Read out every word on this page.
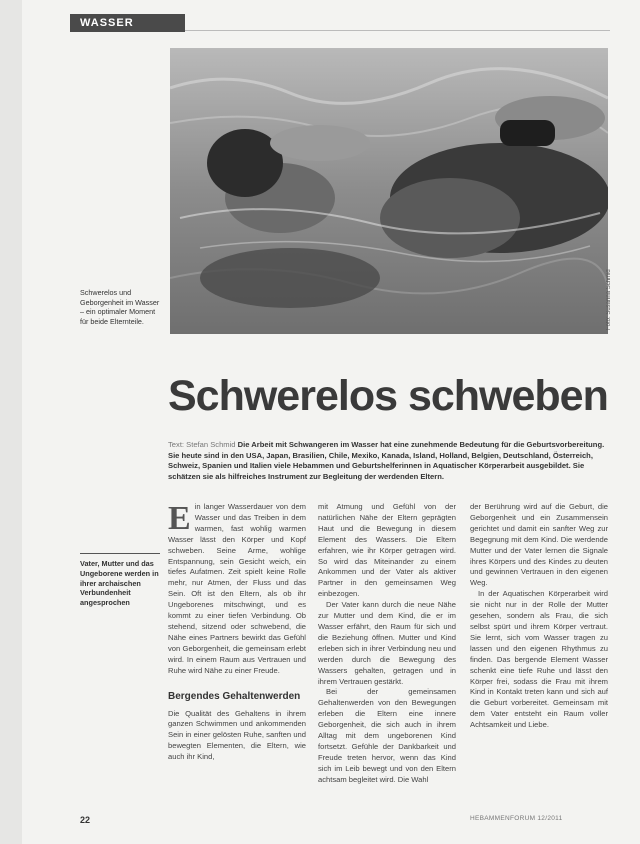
WASSER
Foto: Susanna Schmid
Schwerelos und Geborgenheit im Wasser – ein optimaler Moment für beide Elternteile.
Schwerelos schweben
Text: Stefan Schmid Die Arbeit mit Schwangeren im Wasser hat eine zunehmende Bedeutung für die Geburtsvorbereitung. Sie heute sind in den USA, Japan, Brasilien, Chile, Mexiko, Kanada, Island, Holland, Belgien, Deutschland, Österreich, Schweiz, Spanien und Italien viele Hebammen und Geburtshelferinnen in Aquatischer Körperarbeit ausgebildet. Sie schätzen sie als hilfreiches Instrument zur Begleitung der werdenden Eltern.
Vater, Mutter und das Ungeborene werden in ihrer archaischen Verbundenheit angesprochen
E in langer Wasserdauer von dem Wasser und das Treiben in dem warmen, fast wohlig warmen Wasser lässt den Körper und Kopf schweben. Seine Arme, wohlige Entspannung, sein Gesicht weich, ein tiefes Aufatmen. Zeit spielt keine Rolle mehr, nur Atmen, der Fluss und das Sein. Oft ist den Eltern, als ob ihr Ungeborenes mitschwingt, und es kommt zu einer tiefen Verbindung. Ob stehend, sitzend oder schwebend, die Nähe eines Partners bewirkt das Gefühl von Geborgenheit, die gemeinsam erlebt wird. In einem Raum aus Vertrauen und Ruhe wird Nähe zu einer Freude.
Bergendes Gehaltenwerden
Die Qualität des Gehaltens in ihrem ganzen Schwimmen und ankommenden Sein in einer gelösten Ruhe, sanften und bewegten Elementen, die Eltern, wie auch ihr Kind,
mit Atmung und Gefühl von der natürlichen Nähe der Eltern geprägten Haut und die Bewegung in diesem Element des Wassers. Die Eltern erfahren, wie ihr Körper getragen wird. So wird das Miteinander zu einem Ankommen und der Vater als aktiver Partner in den gemeinsamen Weg einbezogen.
Der Vater kann durch die neue Nähe zur Mutter und dem Kind, die er im Wasser erfährt, den Raum für sich und die Beziehung öffnen. Mutter und Kind erleben sich in ihrer Verbindung neu und werden durch die Bewegung des Wassers gehalten, getragen und in ihrem Vertrauen gestärkt.
Bei der gemeinsamen Gehaltenwerden von den Bewegungen erleben die Eltern eine innere Geborgenheit, die sich auch in ihrem Alltag mit dem ungeborenen Kind fortsetzt. Gefühle der Dankbarkeit und Freude treten hervor, wenn das Kind sich im Leib bewegt und von den Eltern achtsam begleitet wird. Die Wahl
der Berührung wird auf die Geburt, die Geborgenheit und ein Zusammensein gerichtet und damit ein sanfter Weg zur Begegnung mit dem Kind. Die werdende Mutter und der Vater lernen die Signale ihres Körpers und des Kindes zu deuten und gewinnen Vertrauen in den eigenen Weg.
In der Aquatischen Körperarbeit wird sie nicht nur in der Rolle der Mutter gesehen, sondern als Frau, die sich selbst spürt und ihrem Körper vertraut. Sie lernt, sich vom Wasser tragen zu lassen und den eigenen Rhythmus zu finden. Das bergende Element Wasser schenkt eine tiefe Ruhe und lässt den Körper frei, sodass die Frau mit ihrem Kind in Kontakt treten kann und sich auf die Geburt vorbereitet. Gemeinsam mit dem Vater entsteht ein Raum voller Achtsamkeit und Liebe.
22	HEBAMMENFORUM 12/2011
